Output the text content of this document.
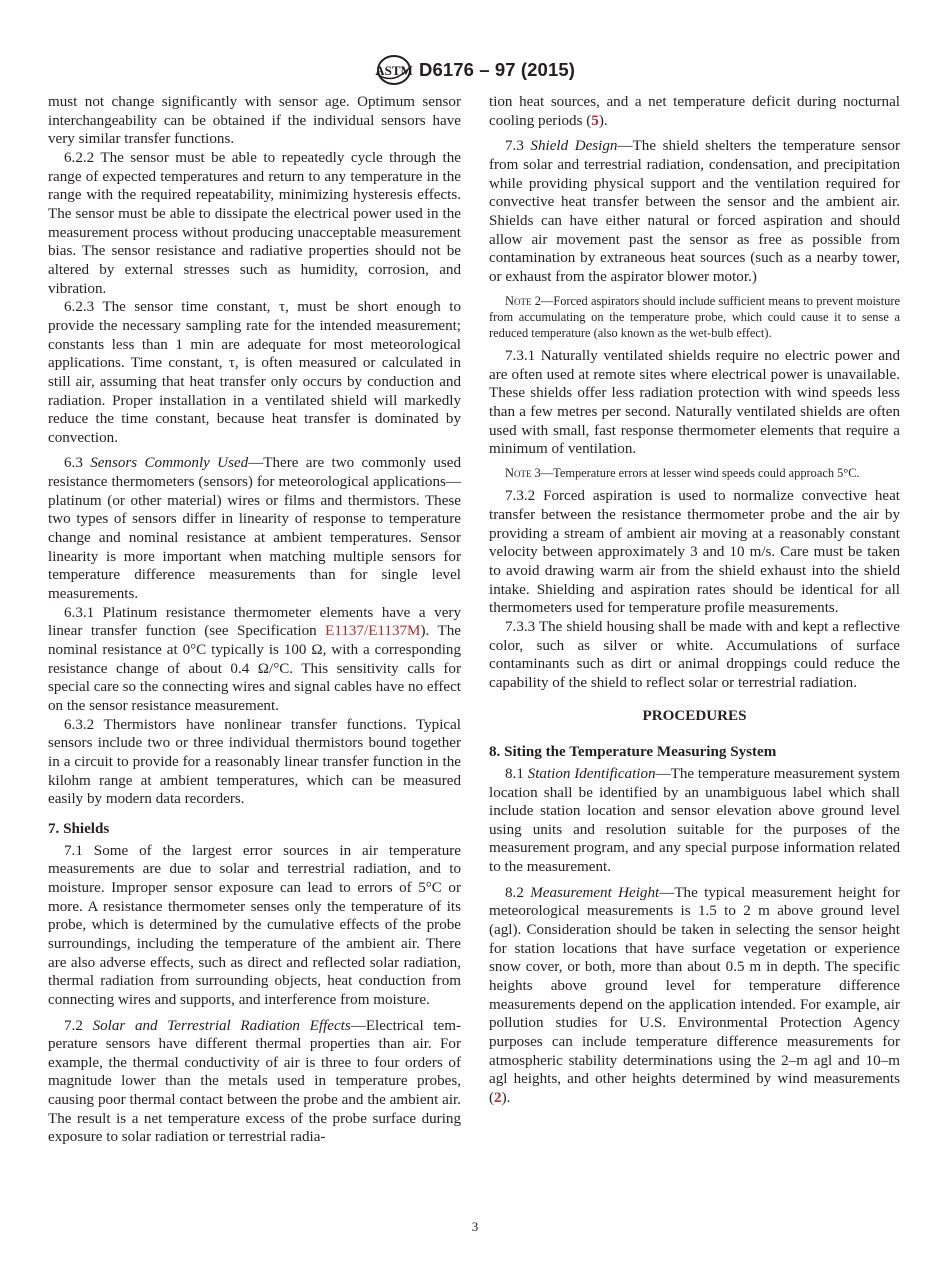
ASTM D6176 – 97 (2015)

must not change significantly with sensor age. Optimum sensor interchangeability can be obtained if the individual sensors have very similar transfer functions.

6.2.2 The sensor must be able to repeatedly cycle through the range of expected temperatures and return to any temperature in the range with the required repeatability, minimizing hysteresis effects. The sensor must be able to dissipate the electrical power used in the measurement process without producing unacceptable measurement bias. The sensor resistance and radiative properties should not be altered by external stresses such as humidity, corrosion, and vibration.

6.2.3 The sensor time constant, τ, must be short enough to provide the necessary sampling rate for the intended measurement; constants less than 1 min are adequate for most meteorological applications. Time constant, τ, is often measured or calculated in still air, assuming that heat transfer only occurs by conduction and radiation. Proper installation in a ventilated shield will markedly reduce the time constant, because heat transfer is dominated by convection.

6.3 Sensors Commonly Used—There are two commonly used resistance thermometers (sensors) for meteorological applications—platinum (or other material) wires or films and thermistors. These two types of sensors differ in linearity of response to temperature change and nominal resistance at ambient temperatures. Sensor linearity is more important when matching multiple sensors for temperature difference measurements than for single level measurements.

6.3.1 Platinum resistance thermometer elements have a very linear transfer function (see Specification E1137/E1137M). The nominal resistance at 0°C typically is 100 Ω, with a corresponding resistance change of about 0.4 Ω/°C. This sensitivity calls for special care so the connecting wires and signal cables have no effect on the sensor resistance measurement.

6.3.2 Thermistors have nonlinear transfer functions. Typical sensors include two or three individual thermistors bound together in a circuit to provide for a reasonably linear transfer function in the kilohm range at ambient temperatures, which can be measured easily by modern data recorders.

7. Shields

7.1 Some of the largest error sources in air temperature measurements are due to solar and terrestrial radiation, and to moisture. Improper sensor exposure can lead to errors of 5°C or more. A resistance thermometer senses only the temperature of its probe, which is determined by the cumulative effects of the probe surroundings, including the temperature of the ambient air. There are also adverse effects, such as direct and reflected solar radiation, thermal radiation from surrounding objects, heat conduction from connecting wires and supports, and interference from moisture.

7.2 Solar and Terrestrial Radiation Effects—Electrical temperature sensors have different thermal properties than air. For example, the thermal conductivity of air is three to four orders of magnitude lower than the metals used in temperature probes, causing poor thermal contact between the probe and the ambient air. The result is a net temperature excess of the probe surface during exposure to solar radiation or terrestrial radia-

tion heat sources, and a net temperature deficit during nocturnal cooling periods (5).

7.3 Shield Design—The shield shelters the temperature sensor from solar and terrestrial radiation, condensation, and precipitation while providing physical support and the ventilation required for convective heat transfer between the sensor and the ambient air. Shields can have either natural or forced aspiration and should allow air movement past the sensor as free as possible from contamination by extraneous heat sources (such as a nearby tower, or exhaust from the aspirator blower motor.)

Note 2—Forced aspirators should include sufficient means to prevent moisture from accumulating on the temperature probe, which could cause it to sense a reduced temperature (also known as the wet-bulb effect).

7.3.1 Naturally ventilated shields require no electric power and are often used at remote sites where electrical power is unavailable. These shields offer less radiation protection with wind speeds less than a few metres per second. Naturally ventilated shields are often used with small, fast response thermometer elements that require a minimum of ventilation.

Note 3—Temperature errors at lesser wind speeds could approach 5°C.

7.3.2 Forced aspiration is used to normalize convective heat transfer between the resistance thermometer probe and the air by providing a stream of ambient air moving at a reasonably constant velocity between approximately 3 and 10 m/s. Care must be taken to avoid drawing warm air from the shield exhaust into the shield intake. Shielding and aspiration rates should be identical for all thermometers used for temperature profile measurements.

7.3.3 The shield housing shall be made with and kept a reflective color, such as silver or white. Accumulations of surface contaminants such as dirt or animal droppings could reduce the capability of the shield to reflect solar or terrestrial radiation.

PROCEDURES
8. Siting the Temperature Measuring System

8.1 Station Identification—The temperature measurement system location shall be identified by an unambiguous label which shall include station location and sensor elevation above ground level using units and resolution suitable for the purposes of the measurement program, and any special purpose information related to the measurement.

8.2 Measurement Height—The typical measurement height for meteorological measurements is 1.5 to 2 m above ground level (agl). Consideration should be taken in selecting the sensor height for station locations that have surface vegetation or experience snow cover, or both, more than about 0.5 m in depth. The specific heights above ground level for temperature difference measurements depend on the application intended. For example, air pollution studies for U.S. Environmental Protection Agency purposes can include temperature difference measurements for atmospheric stability determinations using the 2–m agl and 10–m agl heights, and other heights determined by wind measurements (2).

3
